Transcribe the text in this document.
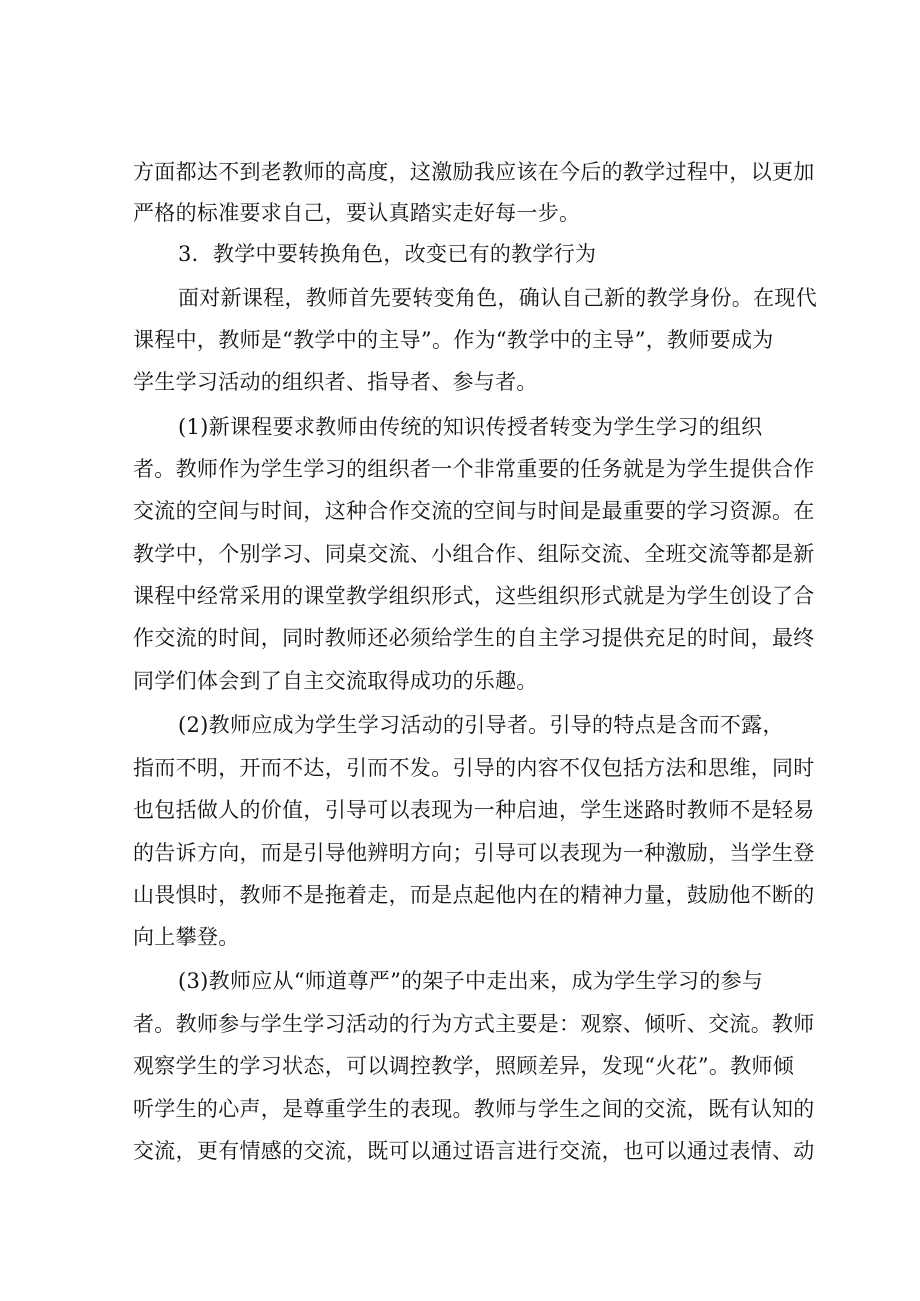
方面都达不到老教师的高度，这激励我应该在今后的教学过程中，以更加
严格的标准要求自己，要认真踏实走好每一步。
3．教学中要转换角色，改变已有的教学行为
面对新课程，教师首先要转变角色，确认自己新的教学身份。在现代
课程中，教师是“教学中的主导”。作为“教学中的主导”，教师要成为
学生学习活动的组织者、指导者、参与者。
(1)新课程要求教师由传统的知识传授者转变为学生学习的组织
者。教师作为学生学习的组织者一个非常重要的任务就是为学生提供合作
交流的空间与时间，这种合作交流的空间与时间是最重要的学习资源。在
教学中，个别学习、同桌交流、小组合作、组际交流、全班交流等都是新
课程中经常采用的课堂教学组织形式，这些组织形式就是为学生创设了合
作交流的时间，同时教师还必须给学生的自主学习提供充足的时间，最终
同学们体会到了自主交流取得成功的乐趣。
(2)教师应成为学生学习活动的引导者。引导的特点是含而不露，
指而不明，开而不达，引而不发。引导的内容不仅包括方法和思维，同时
也包括做人的价值，引导可以表现为一种启迪，学生迷路时教师不是轻易
的告诉方向，而是引导他辨明方向；引导可以表现为一种激励，当学生登
山畏惧时，教师不是拖着走，而是点起他内在的精神力量，鼓励他不断的
向上攀登。
(3)教师应从“师道尊严”的架子中走出来，成为学生学习的参与
者。教师参与学生学习活动的行为方式主要是：观察、倾听、交流。教师
观察学生的学习状态，可以调控教学，照顾差异，发现“火花”。教师倾
听学生的心声，是尊重学生的表现。教师与学生之间的交流，既有认知的
交流，更有情感的交流，既可以通过语言进行交流，也可以通过表情、动
